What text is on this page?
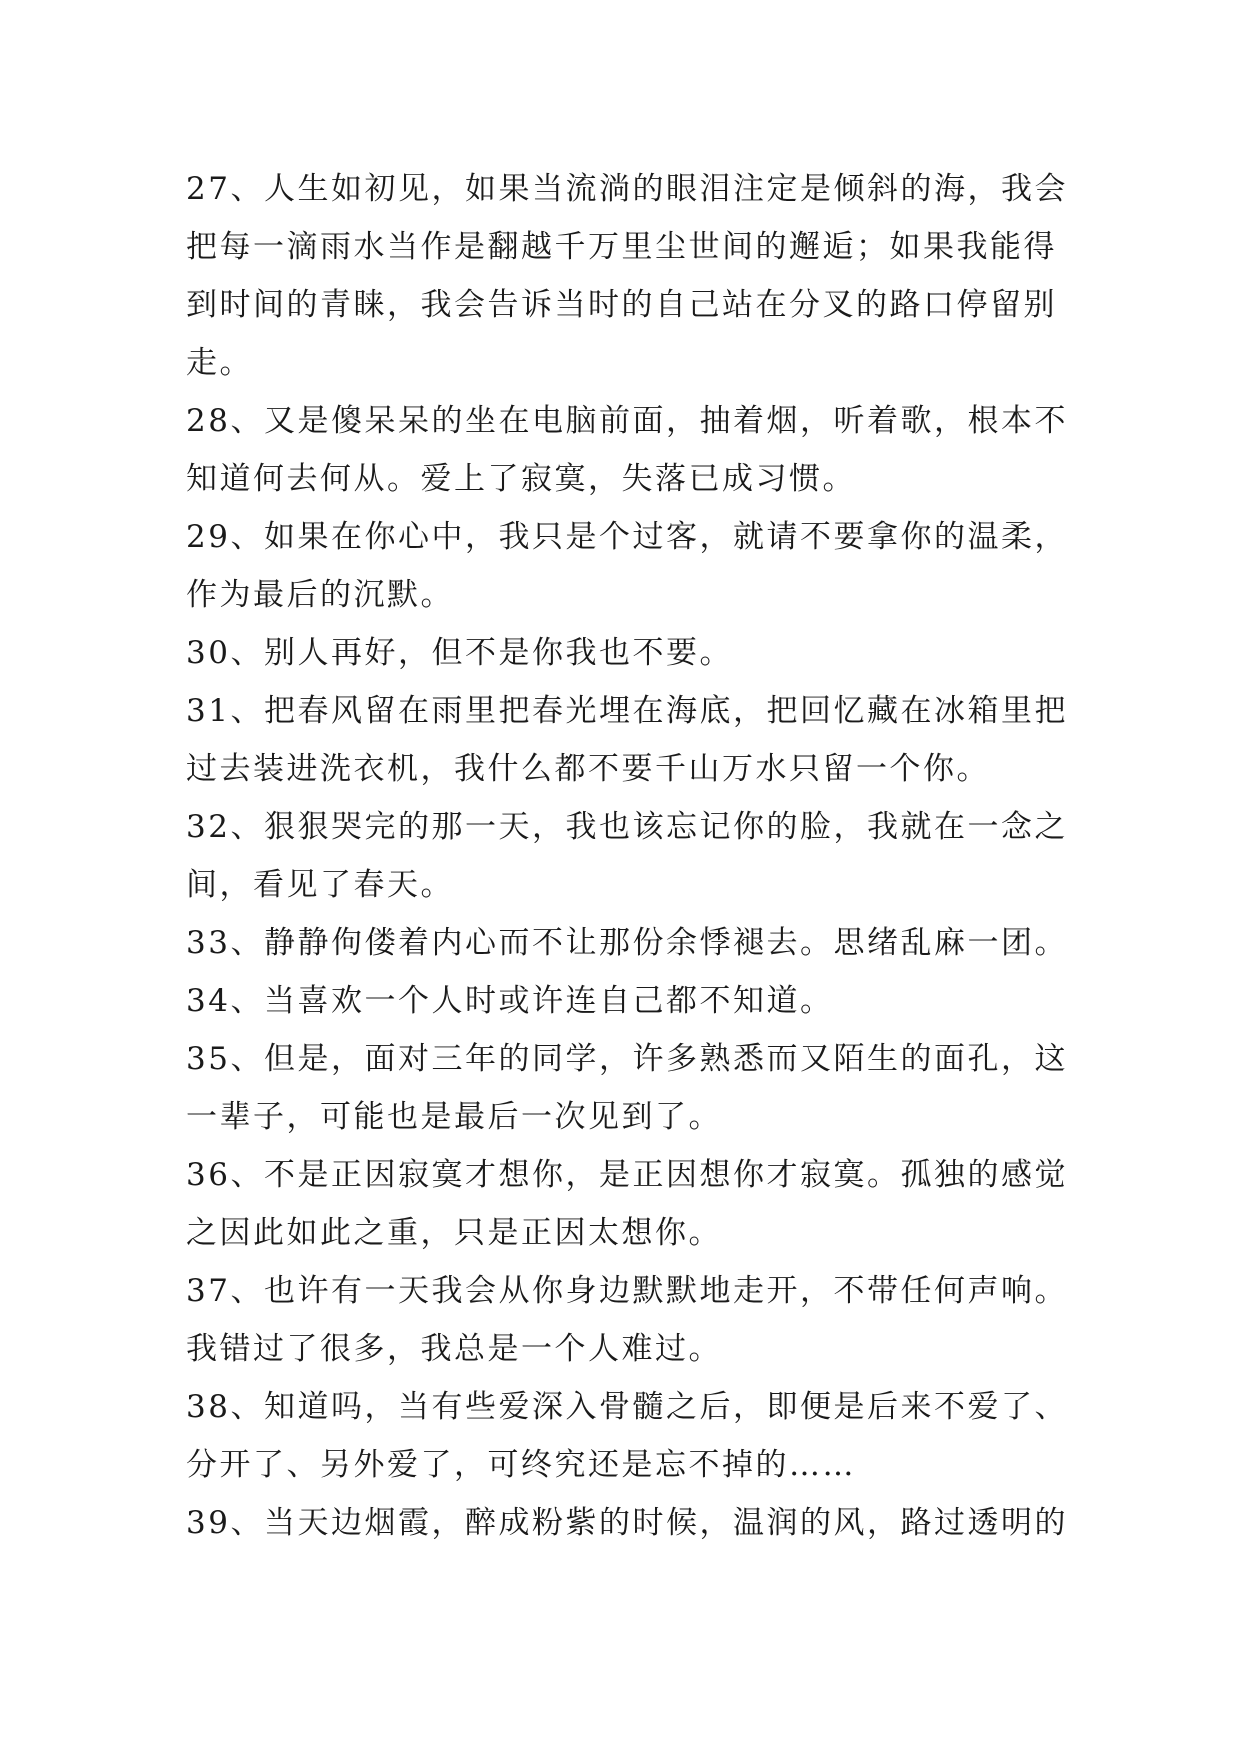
27、人生如初见，如果当流淌的眼泪注定是倾斜的海，我会
把每一滴雨水当作是翻越千万里尘世间的邂逅；如果我能得
到时间的青睐，我会告诉当时的自己站在分叉的路口停留别
走。
28、又是傻呆呆的坐在电脑前面，抽着烟，听着歌，根本不
知道何去何从。爱上了寂寞，失落已成习惯。
29、如果在你心中，我只是个过客，就请不要拿你的温柔，
作为最后的沉默。
30、别人再好，但不是你我也不要。
31、把春风留在雨里把春光埋在海底，把回忆藏在冰箱里把
过去装进洗衣机，我什么都不要千山万水只留一个你。
32、狠狠哭完的那一天，我也该忘记你的脸，我就在一念之
间，看见了春天。
33、静静佝偻着内心而不让那份余悸褪去。思绪乱麻一团。
34、当喜欢一个人时或许连自己都不知道。
35、但是，面对三年的同学，许多熟悉而又陌生的面孔，这
一辈子，可能也是最后一次见到了。
36、不是正因寂寞才想你，是正因想你才寂寞。孤独的感觉
之因此如此之重，只是正因太想你。
37、也许有一天我会从你身边默默地走开，不带任何声响。
我错过了很多，我总是一个人难过。
38、知道吗，当有些爱深入骨髓之后，即便是后来不爱了、
分开了、另外爱了，可终究还是忘不掉的……
39、当天边烟霞，醉成粉紫的时候，温润的风，路过透明的
